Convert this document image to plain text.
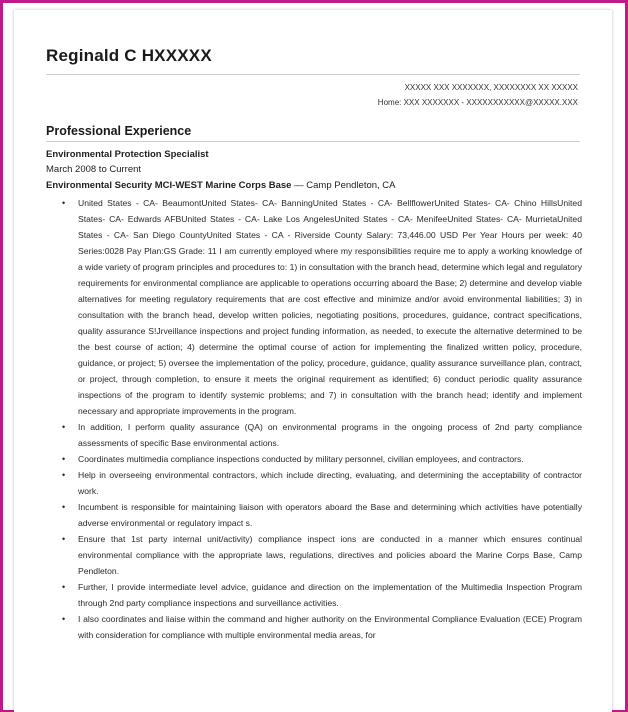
Reginald C HXXXXX
XXXXX XXX XXXXXXX, XXXXXXXX XX XXXXX
Home: XXX XXXXXXX - XXXXXXXXXXX@XXXXX.XXX
Professional Experience
Environmental Protection Specialist
March 2008 to Current
Environmental Security MCI-WEST Marine Corps Base — Camp Pendleton, CA
• United States - CA- BeaumontUnited States- CA- BanningUnited States - CA- BellflowerUnited States- CA- Chino HillsUnited States- CA- Edwards AFBUnited States - CA- Lake Los AngelesUnited States - CA- MenifeeUnited States- CA- MurrietaUnited States - CA- San Diego CountyUnited States - CA - Riverside County Salary: 73,446.00 USD Per Year Hours per week: 40 Series:0028 Pay Plan:GS Grade: 11 I am currently employed where my responsibilities require me to apply a working knowledge of a wide variety of program principles and procedures to: 1) in consultation with the branch head, determine which legal and regulatory requirements for environmental compliance are applicable to operations occurring aboard the Base; 2) determine and develop viable alternatives for meeting regulatory requirements that are cost effective and minimize and/or avoid environmental liabilities; 3) in consultation with the branch head, develop written policies, negotiating positions, procedures, guidance, contract specifications, quality assurance S!Jrveillance inspections and project funding information, as needed, to execute the alternative determined to be the best course of action; 4) determine the optimal course of action for implementing the finalized written policy, procedure, guidance, or project; 5) oversee the implementation of the policy, procedure, guidance, quality assurance surveillance plan, contract, or project, through completion, to ensure it meets the original requirement as identified; 6) conduct periodic quality assurance inspections of the program to identify systemic problems; and 7) in consultation with the branch head; identify and implement necessary and appropriate improvements in the program.
• In addition, I perform quality assurance (QA) on environmental programs in the ongoing process of 2nd party compliance assessments of specific Base environmental actions.
• Coordinates multimedia compliance inspections conducted by military personnel, civilian employees, and contractors.
• Help in overseeing environmental contractors, which include directing, evaluating, and determining the acceptability of contractor work.
• Incumbent is responsible for maintaining liaison with operators aboard the Base and determining which activities have potentially adverse environmental or regulatory impact s.
• Ensure that 1st party internal unit/activity) compliance inspect ions are conducted in a manner which ensures continual environmental compliance with the appropriate laws, regulations, directives and policies aboard the Marine Corps Base, Camp Pendleton.
• Further, I provide intermediate level advice, guidance and direction on the implementation of the Multimedia Inspection Program through 2nd party compliance inspections and surveillance activities.
• I also coordinates and liaise within the command and higher authority on the Environmental Compliance Evaluation (ECE) Program with consideration for compliance with multiple environmental media areas, for
